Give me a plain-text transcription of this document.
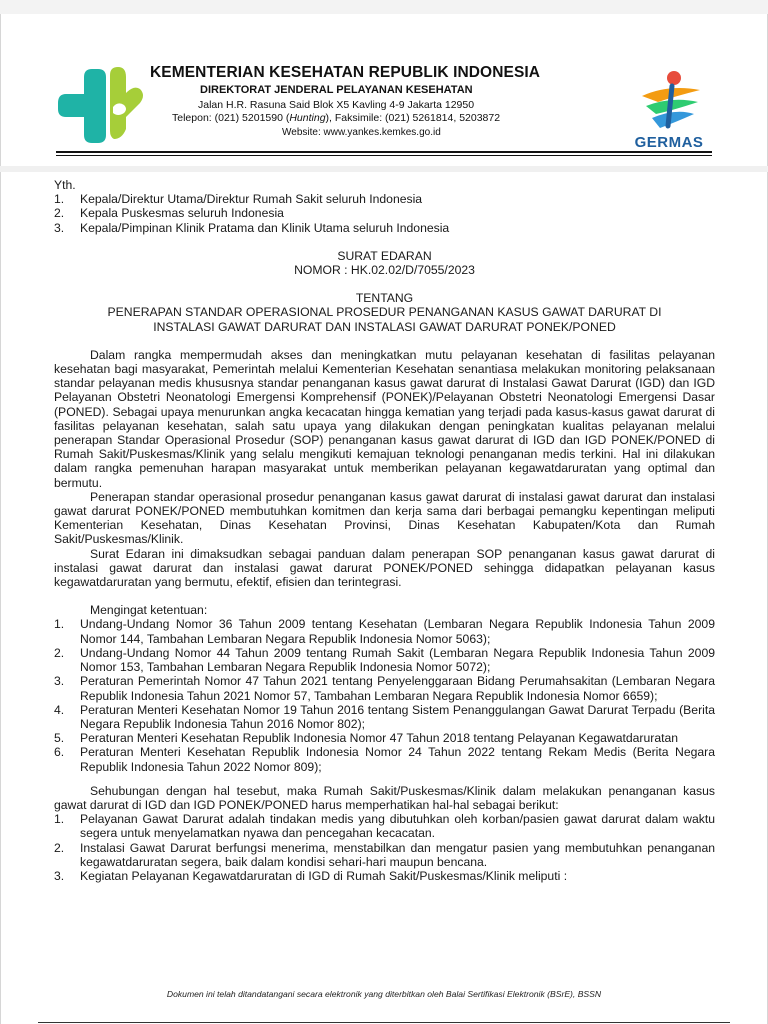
KEMENTERIAN KESEHATAN REPUBLIK INDONESIA
DIREKTORAT JENDERAL PELAYANAN KESEHATAN
Jalan H.R. Rasuna Said Blok X5 Kavling 4-9 Jakarta 12950
Telepon: (021) 5201590 (Hunting), Faksimile: (021) 5261814, 5203872
Website: www.yankes.kemkes.go.id
GERMAS

Yth.

1. Kepala/Direktur Utama/Direktur Rumah Sakit seluruh Indonesia
2. Kepala Puskesmas seluruh Indonesia
3. Kepala/Pimpinan Klinik Pratama dan Klinik Utama seluruh Indonesia

SURAT EDARAN

NOMOR : HK.02.02/D/7055/2023

TENTANG

PENERAPAN STANDAR OPERASIONAL PROSEDUR PENANGANAN KASUS GAWAT DARURAT DI

INSTALASI GAWAT DARURAT DAN INSTALASI GAWAT DARURAT PONEK/PONED

Dalam rangka mempermudah akses dan meningkatkan mutu pelayanan kesehatan di fasilitas pelayanan kesehatan bagi masyarakat, Pemerintah melalui Kementerian Kesehatan senantiasa melakukan monitoring pelaksanaan standar pelayanan medis khususnya standar penanganan kasus gawat darurat di Instalasi Gawat Darurat (IGD) dan IGD Pelayanan Obstetri Neonatologi Emergensi Komprehensif (PONEK)/Pelayanan Obstetri Neonatologi Emergensi Dasar (PONED). Sebagai upaya menurunkan angka kecacatan hingga kematian yang terjadi pada kasus-kasus gawat darurat di fasilitas pelayanan kesehatan, salah satu upaya yang dilakukan dengan peningkatan kualitas pelayanan melalui penerapan Standar Operasional Prosedur (SOP) penanganan kasus gawat darurat di IGD dan IGD PONEK/PONED di Rumah Sakit/Puskesmas/Klinik yang selalu mengikuti kemajuan teknologi penanganan medis terkini. Hal ini dilakukan dalam rangka pemenuhan harapan masyarakat untuk memberikan pelayanan kegawatdaruratan yang optimal dan bermutu.

Penerapan standar operasional prosedur penanganan kasus gawat darurat di instalasi gawat darurat dan instalasi gawat darurat PONEK/PONED membutuhkan komitmen dan kerja sama dari berbagai pemangku kepentingan meliputi Kementerian Kesehatan, Dinas Kesehatan Provinsi, Dinas Kesehatan Kabupaten/Kota dan Rumah Sakit/Puskesmas/Klinik.

Surat Edaran ini dimaksudkan sebagai panduan dalam penerapan SOP penanganan kasus gawat darurat di instalasi gawat darurat dan instalasi gawat darurat PONEK/PONED sehingga didapatkan pelayanan kasus kegawatdaruratan yang bermutu, efektif, efisien dan terintegrasi.

Mengingat ketentuan:

1. Undang-Undang Nomor 36 Tahun 2009 tentang Kesehatan (Lembaran Negara Republik Indonesia Tahun 2009 Nomor 144, Tambahan Lembaran Negara Republik Indonesia Nomor 5063);
2. Undang-Undang Nomor 44 Tahun 2009 tentang Rumah Sakit (Lembaran Negara Republik Indonesia Tahun 2009 Nomor 153, Tambahan Lembaran Negara Republik Indonesia Nomor 5072);
3. Peraturan Pemerintah Nomor 47 Tahun 2021 tentang Penyelenggaraan Bidang Perumahsakitan (Lembaran Negara Republik Indonesia Tahun 2021 Nomor 57, Tambahan Lembaran Negara Republik Indonesia Nomor 6659);
4. Peraturan Menteri Kesehatan Nomor 19 Tahun 2016 tentang Sistem Penanggulangan Gawat Darurat Terpadu (Berita Negara Republik Indonesia Tahun 2016 Nomor 802);
5. Peraturan Menteri Kesehatan Republik Indonesia Nomor 47 Tahun 2018 tentang Pelayanan Kegawatdaruratan
6. Peraturan Menteri Kesehatan Republik Indonesia Nomor 24 Tahun 2022 tentang Rekam Medis (Berita Negara Republik Indonesia Tahun 2022 Nomor 809);

Sehubungan dengan hal tesebut, maka Rumah Sakit/Puskesmas/Klinik dalam melakukan penanganan kasus gawat darurat di IGD dan IGD PONEK/PONED harus memperhatikan hal-hal sebagai berikut:

1. Pelayanan Gawat Darurat adalah tindakan medis yang dibutuhkan oleh korban/pasien gawat darurat dalam waktu segera untuk menyelamatkan nyawa dan pencegahan kecacatan.
2. Instalasi Gawat Darurat berfungsi menerima, menstabilkan dan mengatur pasien yang membutuhkan penanganan kegawatdaruratan segera, baik dalam kondisi sehari-hari maupun bencana.
3. Kegiatan Pelayanan Kegawatdaruratan di IGD di Rumah Sakit/Puskesmas/Klinik meliputi :
Dokumen ini telah ditandatangani secara elektronik yang diterbitkan oleh Balai Sertifikasi Elektronik (BSrE), BSSN
